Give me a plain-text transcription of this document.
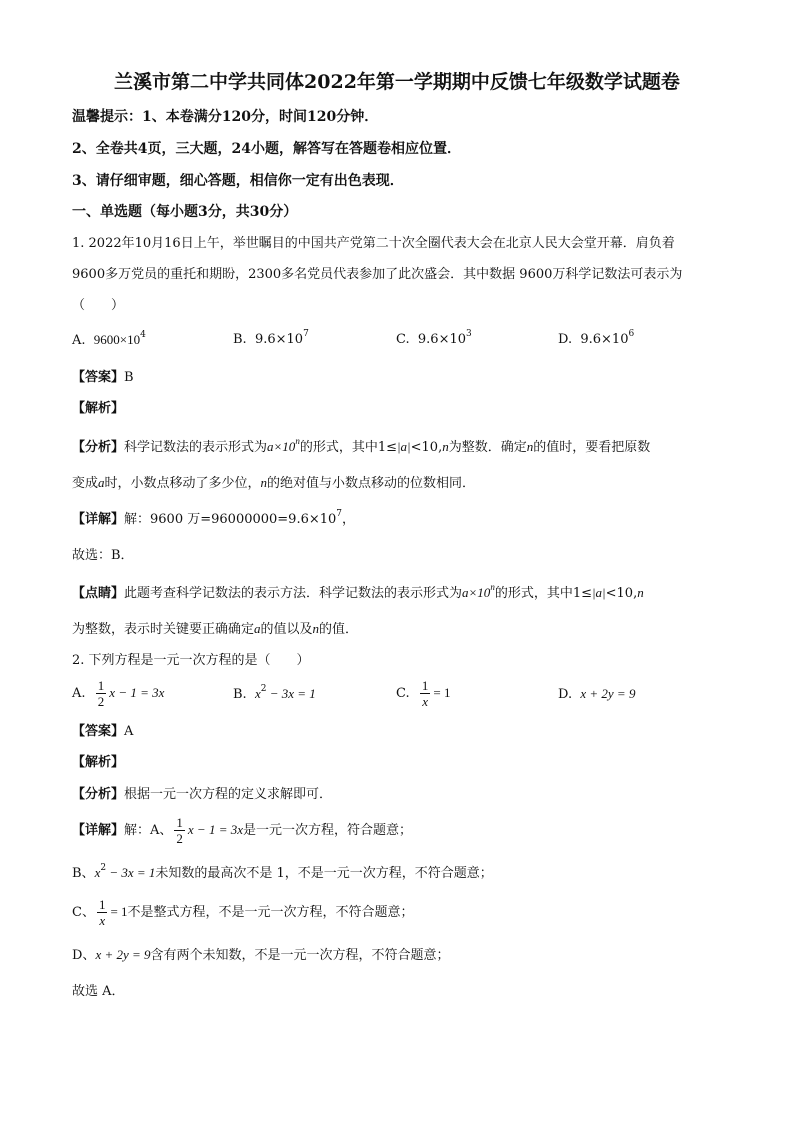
兰溪市第二中学共同体2022年第一学期期中反馈七年级数学试题卷
温馨提示：1、本卷满分120分，时间120分钟．
2、全卷共4页，三大题，24小题，解答写在答题卷相应位置．
3、请仔细审题，细心答题，相信你一定有出色表现．
一、单选题（每小题3分，共30分）
1. 2022年10月16日上午，举世瞩目的中国共产党第二十次全圈代表大会在北京人民大会堂开幕．肩负着
9600多万党员的重托和期盼，2300多名党员代表参加了此次盛会．其中数据 9600万科学记数法可表示为
（　　）
A. $9600\times 10^4$	B. $9.6\times 10^7$	C. $9.6\times 10^3$	D. $9.6\times 10^6$
【答案】B
【解析】
【分析】科学记数法的表示形式为$a\times 10^n$的形式，其中1≤|a|<10,n为整数．确定n的值时，要看把原数
变成a时，小数点移动了多少位，n的绝对值与小数点移动的位数相同．
【详解】解：9600 万$=96000000=9.6\times 10^7$，
故选：B．
【点睛】此题考查科学记数法的表示方法．科学记数法的表示形式为$a\times 10^n$的形式，其中1≤|a|<10,n
为整数，表示时关键要正确确定a的值以及n的值．
2. 下列方程是一元一次方程的是（　　）
A. $\frac{1}{2}$ x − 1 = 3x	B. $x^2 - 3x = 1$	C. $\frac{1}{x} = 1$	D. x + 2y = 9
【答案】A
【解析】
【分析】根据一元一次方程的定义求解即可．
【详解】解：A、 $\frac{1}{2}$ x − 1 = 3x是一元一次方程，符合题意；
B、$x^2 - 3x = 1$未知数的最高次不是 1，不是一元一次方程，不符合题意；
C、 $\frac{1}{x} = 1$不是整式方程，不是一元一次方程，不符合题意；
D、x + 2y = 9含有两个未知数，不是一元一次方程，不符合题意；
故选 A．
